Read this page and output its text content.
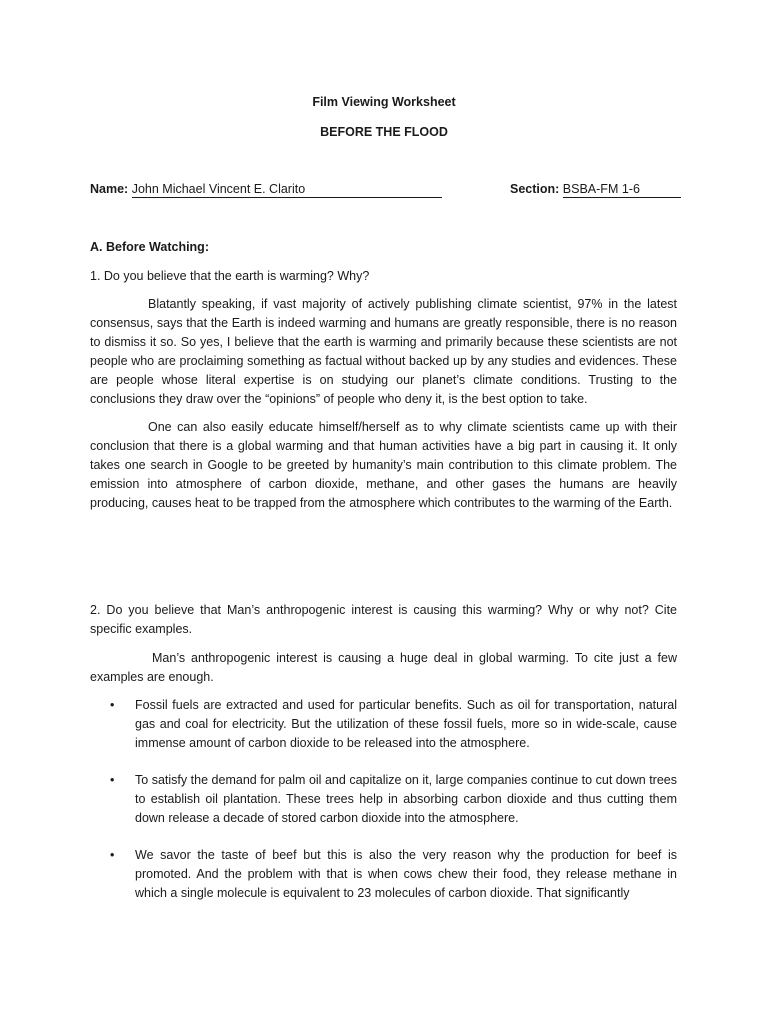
Film Viewing Worksheet
BEFORE THE FLOOD
Name: John Michael Vincent E. Clarito	Section: BSBA-FM 1-6
A. Before Watching:
1. Do you believe that the earth is warming? Why?
Blatantly speaking, if vast majority of actively publishing climate scientist, 97% in the latest consensus, says that the Earth is indeed warming and humans are greatly responsible, there is no reason to dismiss it so. So yes, I believe that the earth is warming and primarily because these scientists are not people who are proclaiming something as factual without backed up by any studies and evidences. These are people whose literal expertise is on studying our planet’s climate conditions. Trusting to the conclusions they draw over the “opinions” of people who deny it, is the best option to take.
One can also easily educate himself/herself as to why climate scientists came up with their conclusion that there is a global warming and that human activities have a big part in causing it. It only takes one search in Google to be greeted by humanity’s main contribution to this climate problem. The emission into atmosphere of carbon dioxide, methane, and other gases the humans are heavily producing, causes heat to be trapped from the atmosphere which contributes to the warming of the Earth.
2. Do you believe that Man’s anthropogenic interest is causing this warming? Why or why not? Cite specific examples.
Man’s anthropogenic interest is causing a huge deal in global warming. To cite just a few examples are enough.
• Fossil fuels are extracted and used for particular benefits. Such as oil for transportation, natural gas and coal for electricity. But the utilization of these fossil fuels, more so in wide-scale, cause immense amount of carbon dioxide to be released into the atmosphere.
• To satisfy the demand for palm oil and capitalize on it, large companies continue to cut down trees to establish oil plantation. These trees help in absorbing carbon dioxide and thus cutting them down release a decade of stored carbon dioxide into the atmosphere.
• We savor the taste of beef but this is also the very reason why the production for beef is promoted. And the problem with that is when cows chew their food, they release methane in which a single molecule is equivalent to 23 molecules of carbon dioxide. That significantly
